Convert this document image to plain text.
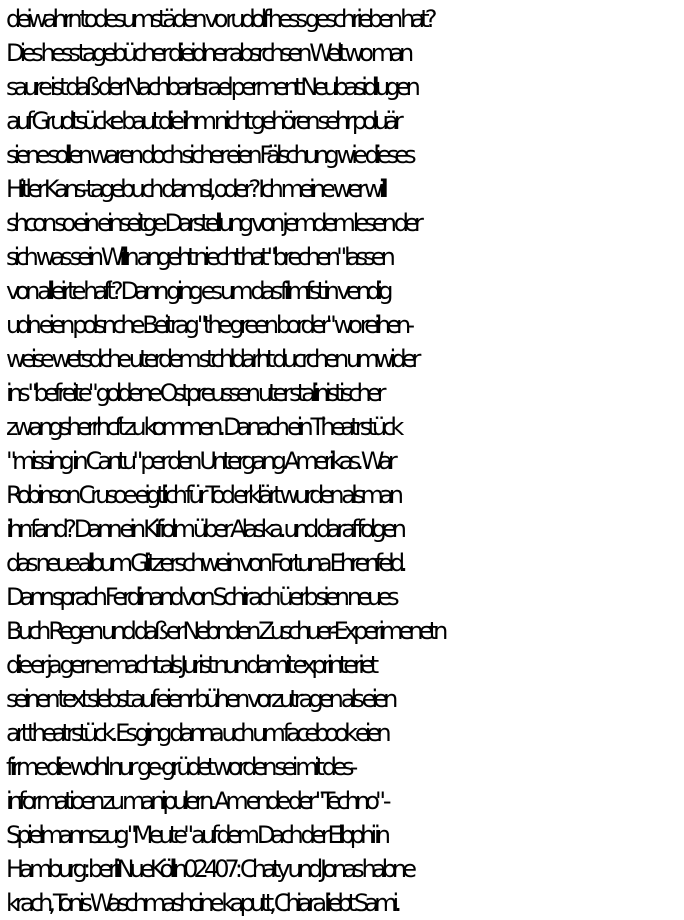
deiwahrn todesumstäden vo rudolf hess geschrieben hat?
Dies hess tagebücher dieidner absrchsen Welt wo man
saure ist daß der Nachbar Israel perment Neubasidlugen
auf Grudtsücke baut die ihm nicht gehören sehr poluär
siene sollen waren doch sicher eien Fälschung wie dieses
Hitler Kans-tagebuch damsl, oder? Ich meine wer will
shcon so ein einseitge Darstellung von jemdem lesen der
sich was sein Willn angeht niecht hat "brechen" lassen
von alleirte haft? Dann ging es um das filmfst in vendig
udn eien polsnche Beitrag "the green border" wo reihen-
weise wetsdche uterdem stchldarht ducrchen umwider
ins "befreite" goldene Ostpreussen uter stalinistischer
zwangsherrhcft zu kommen. Danach ein Theatrstück
"missing in Cantu" per den Untergang Amerikas. War
Robinson Crusoe eigtlich für Tod erklärt wurden alsman
ihn fand? Dann ein Kifiolm über Alaska. und daraf folgen
das neue album Glitzerschwein von Fortuna Ehrenfeld.
Dann sprach Ferdinand von Schirach üerb sien neues
Buch Regen und daß er Nebnden Zuschuer-Experimenetn
die er ja gerne macht als Jurist nun damit exprinteriet
seinen text slebst auf eienr bühen vorzutragen als eien
art theatrstück. Es ging danna uch um facebook eien
firme die wohl nur  ge-grüdet worden sei mit des-
informatioen zu manipulern. Am ende der "Techno" -
Spielmannszug "Meute" auf dem Dach der Elbphi in
Hamburg: berliNueKölln02407: Chaty und Jonas habne
krach, Tonis Waschmashcine kaputt, Chiara liebt Sami.
